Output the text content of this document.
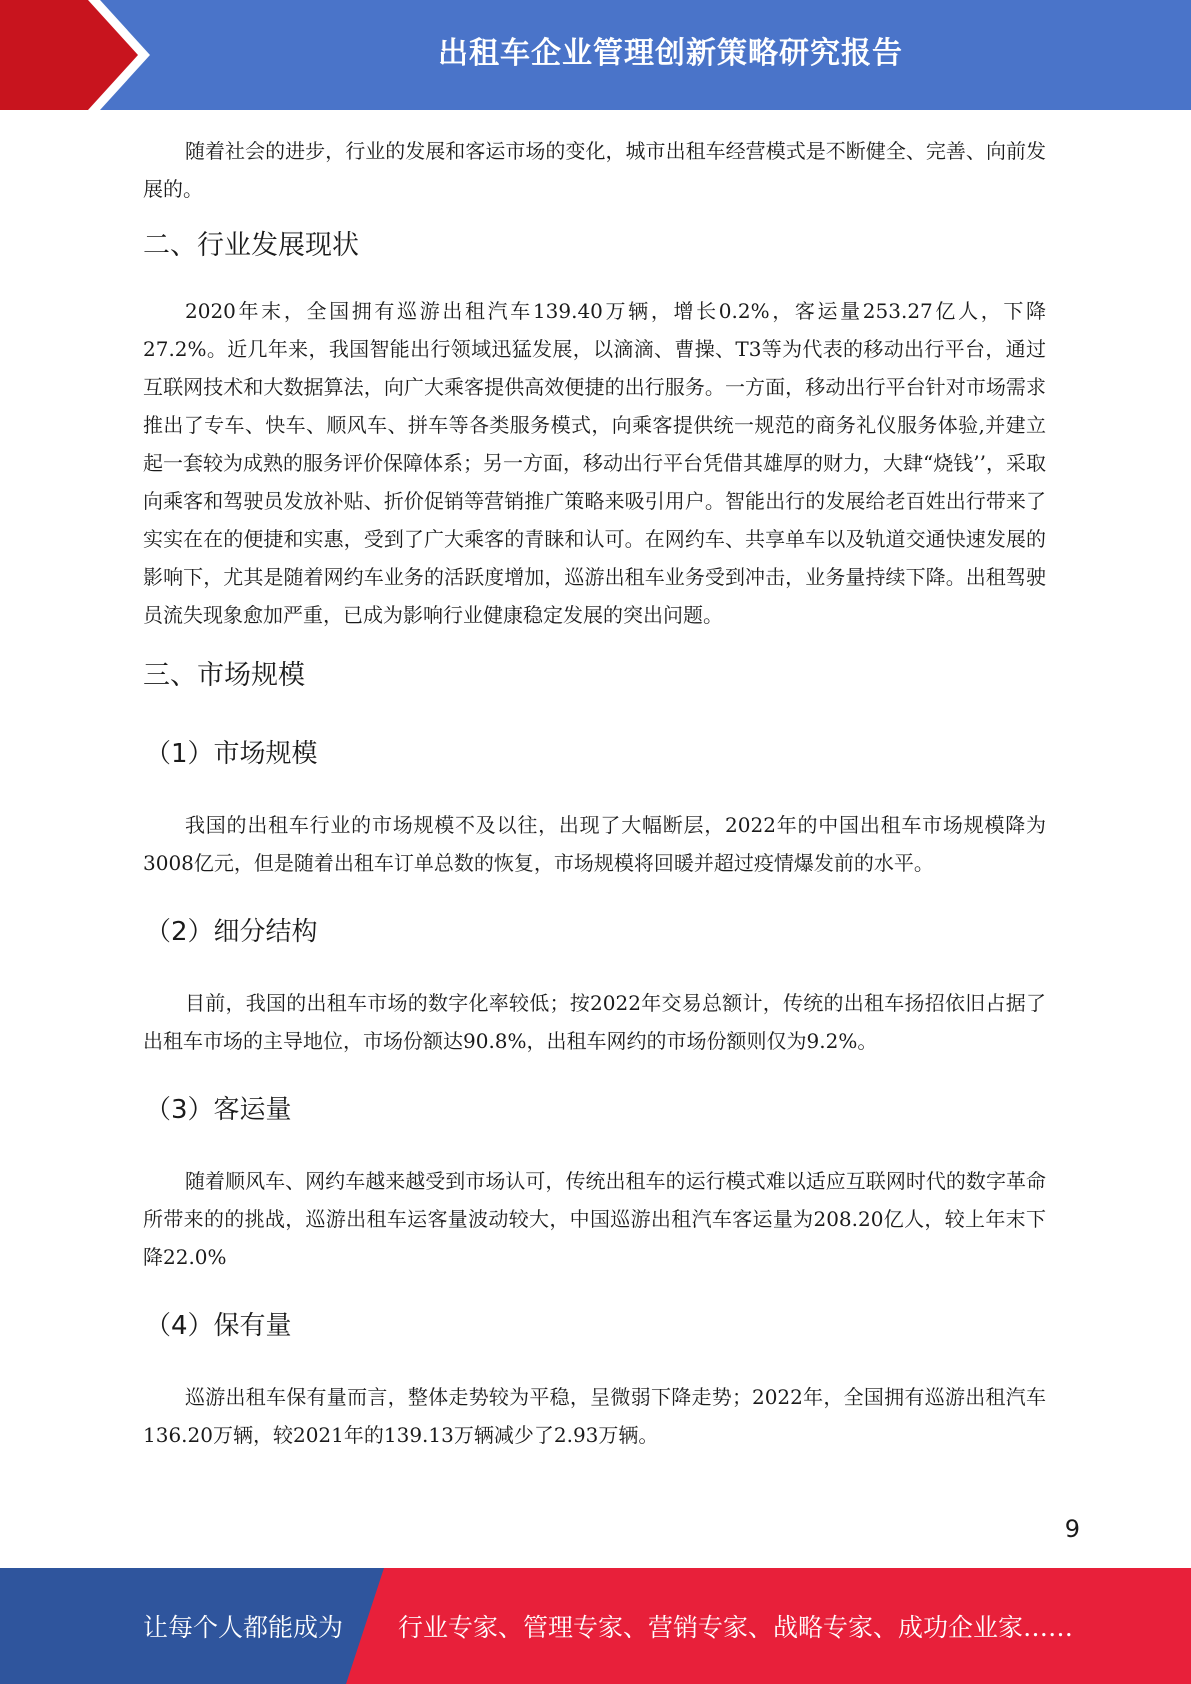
出租车企业管理创新策略研究报告

随着社会的进步，行业的发展和客运市场的变化，城市出租车经营模式是不断健全、完善、向前发展的。

二、行业发展现状

2020年末，全国拥有巡游出租汽车139.40万辆，增长0.2%，客运量253.27亿人，下降27.2%。近几年来，我国智能出行领域迅猛发展，以滴滴、曹操、T3等为代表的移动出行平台，通过互联网技术和大数据算法，向广大乘客提供高效便捷的出行服务。一方面，移动出行平台针对市场需求推出了专车、快车、顺风车、拼车等各类服务模式，向乘客提供统一规范的商务礼仪服务体验,并建立起一套较为成熟的服务评价保障体系；另一方面，移动出行平台凭借其雄厚的财力，大肆“烧钱’’，采取向乘客和驾驶员发放补贴、折价促销等营销推广策略来吸引用户。智能出行的发展给老百姓出行带来了实实在在的便捷和实惠，受到了广大乘客的青睐和认可。在网约车、共享单车以及轨道交通快速发展的影响下，尤其是随着网约车业务的活跃度增加，巡游出租车业务受到冲击，业务量持续下降。出租驾驶员流失现象愈加严重，已成为影响行业健康稳定发展的突出问题。

三、市场规模
（1）市场规模

我国的出租车行业的市场规模不及以往，出现了大幅断层，2022年的中国出租车市场规模降为3008亿元，但是随着出租车订单总数的恢复，市场规模将回暖并超过疫情爆发前的水平。

（2）细分结构

目前，我国的出租车市场的数字化率较低；按2022年交易总额计，传统的出租车扬招依旧占据了出租车市场的主导地位，市场份额达90.8%，出租车网约的市场份额则仅为9.2%。

（3）客运量

随着顺风车、网约车越来越受到市场认可，传统出租车的运行模式难以适应互联网时代的数字革命所带来的的挑战，巡游出租车运客量波动较大，中国巡游出租汽车客运量为208.20亿人，较上年末下降22.0%

（4）保有量

巡游出租车保有量而言，整体走势较为平稳，呈微弱下降走势；2022年，全国拥有巡游出租汽车136.20万辆，较2021年的139.13万辆减少了2.93万辆。

9
让每个人都能成为 行业专家、管理专家、营销专家、战略专家、成功企业家……
